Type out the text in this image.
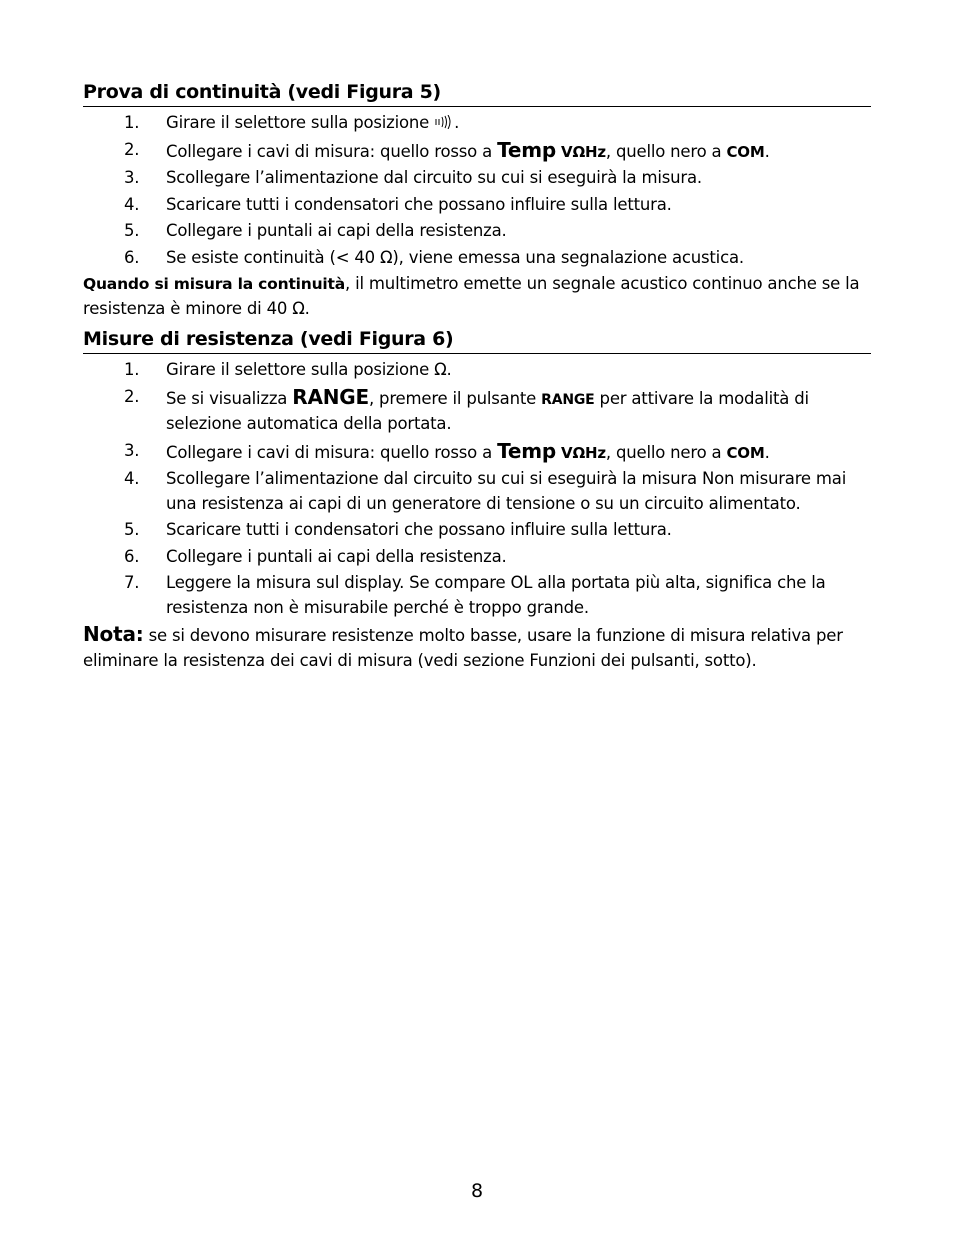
Prova di continuità (vedi Figura 5)
1. Girare il selettore sulla posizione .
2. Collegare i cavi di misura: quello rosso a Temp VΩHz, quello nero a COM.
3. Scollegare l’alimentazione dal circuito su cui si eseguirà la misura.
4. Scaricare tutti i condensatori che possano influire sulla lettura.
5. Collegare i puntali ai capi della resistenza.
6. Se esiste continuità (< 40 Ω), viene emessa una segnalazione acustica.

Quando si misura la continuità, il multimetro emette un segnale acustico continuo anche se la resistenza è minore di 40 Ω.

Misure di resistenza (vedi Figura 6)
1. Girare il selettore sulla posizione Ω.
2. Se si visualizza RANGE, premere il pulsante RANGE per attivare la modalità di selezione automatica della portata.
3. Collegare i cavi di misura: quello rosso a Temp VΩHz, quello nero a COM.
4. Scollegare l’alimentazione dal circuito su cui si eseguirà la misura Non misurare mai una resistenza ai capi di un generatore di tensione o su un circuito alimentato.
5. Scaricare tutti i condensatori che possano influire sulla lettura.
6. Collegare i puntali ai capi della resistenza.
7. Leggere la misura sul display. Se compare OL alla portata più alta, significa che la resistenza non è misurabile perché è troppo grande.

Nota: se si devono misurare resistenze molto basse, usare la funzione di misura relativa per eliminare la resistenza dei cavi di misura (vedi sezione Funzioni dei pulsanti, sotto).

8
